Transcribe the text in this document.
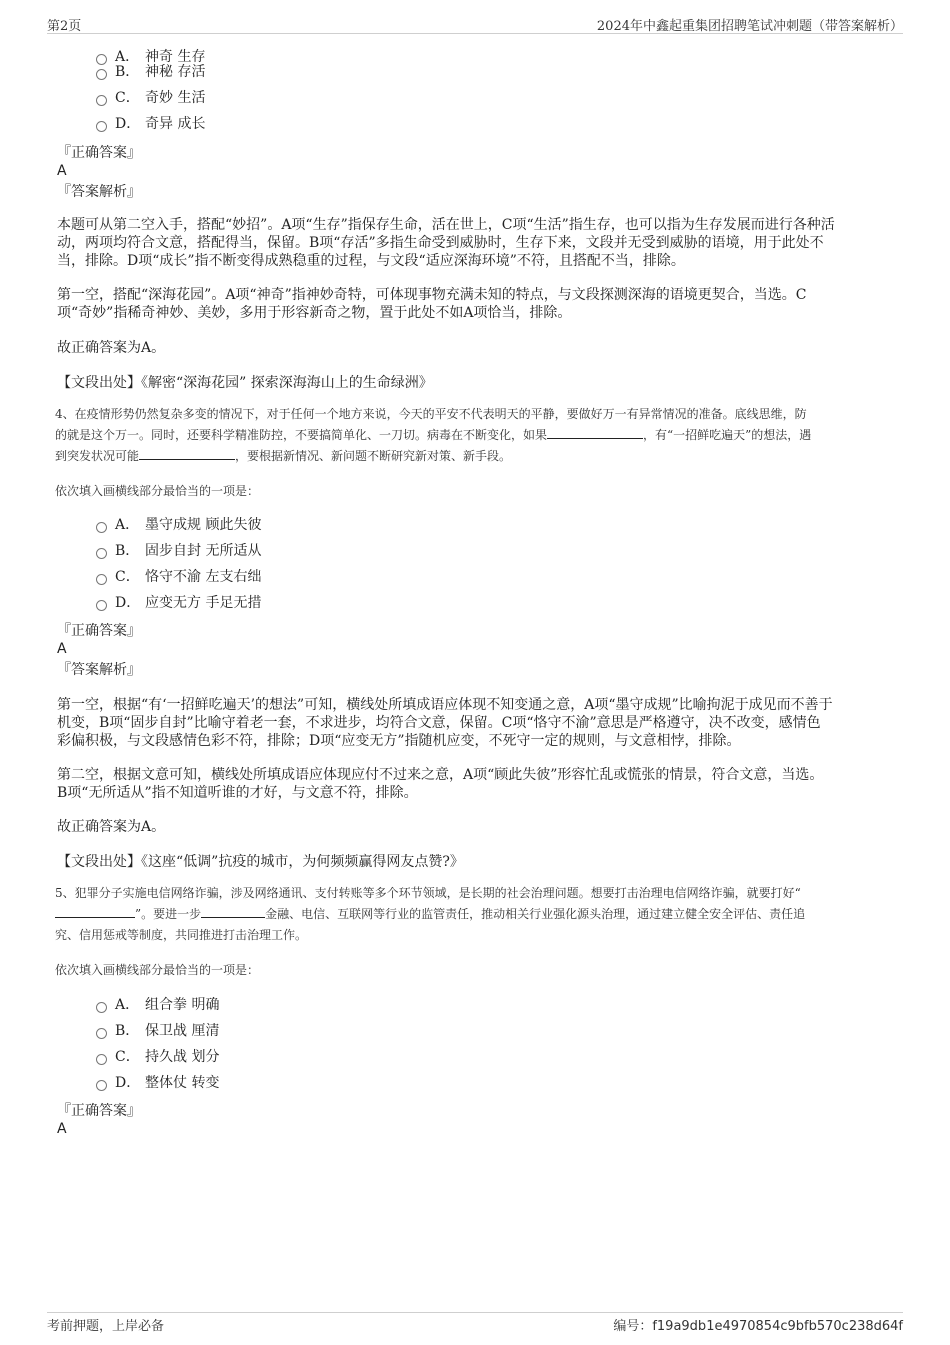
第2页	2024年中鑫起重集团招聘笔试冲刺题（带答案解析）
A． 神奇 生存
B． 神秘 存活
C． 奇妙 生活
D． 奇异 成长
『正确答案』
A
『答案解析』
本题可从第二空入手，搭配“妙招”。A项“生存”指保存生命，活在世上，C项“生活”指生存，也可以指为生存发展而进行各种活
动，两项均符合文意，搭配得当，保留。B项“存活”多指生命受到威胁时，生存下来，文段并无受到威胁的语境，用于此处不
当，排除。D项“成长”指不断变得成熟稳重的过程，与文段“适应深海环境”不符，且搭配不当，排除。
第一空，搭配“深海花园”。A项“神奇”指神妙奇特，可体现事物充满未知的特点，与文段探测深海的语境更契合，当选。C
项“奇妙”指稀奇神妙、美妙，多用于形容新奇之物，置于此处不如A项恰当，排除。
故正确答案为A。
【文段出处】《解密“深海花园” 探索深海海山上的生命绿洲》
4、在疫情形势仍然复杂多变的情况下，对于任何一个地方来说，今天的平安不代表明天的平静，要做好万一有异常情况的准备。底线思维，防
的就是这个万一。同时，还要科学精准防控，不要搞简单化、一刀切。病毒在不断变化，如果	，有“一招鲜吃遍天”的想法，遇
到突发状况可能	，要根据新情况、新问题不断研究新对策、新手段。
依次填入画横线部分最恰当的一项是：
A． 墨守成规 顾此失彼
B． 固步自封 无所适从
C． 恪守不渝 左支右绌
D． 应变无方 手足无措
『正确答案』
A
『答案解析』
第一空，根据“有‘一招鲜吃遍天’的想法”可知，横线处所填成语应体现不知变通之意，A项“墨守成规”比喻拘泥于成见而不善于
机变，B项“固步自封”比喻守着老一套，不求进步，均符合文意，保留。C项“恪守不渝”意思是严格遵守，决不改变，感情色
彩偏积极，与文段感情色彩不符，排除；D项“应变无方”指随机应变，不死守一定的规则，与文意相悖，排除。
第二空，根据文意可知，横线处所填成语应体现应付不过来之意，A项“顾此失彼”形容忙乱或慌张的情景，符合文意，当选。
B项“无所适从”指不知道听谁的才好，与文意不符，排除。
故正确答案为A。
【文段出处】《这座“低调”抗疫的城市，为何频频赢得网友点赞?》
5、犯罪分子实施电信网络诈骗，涉及网络通讯、支付转账等多个环节领域，是长期的社会治理问题。想要打击治理电信网络诈骗，就要打好“
”。要进一步	金融、电信、互联网等行业的监管责任，推动相关行业强化源头治理，通过建立健全安全评估、责任追
究、信用惩戒等制度，共同推进打击治理工作。
依次填入画横线部分最恰当的一项是：
A． 组合拳 明确
B． 保卫战 厘清
C． 持久战 划分
D． 整体仗 转变
『正确答案』
A
考前押题，上岸必备	编号：f19a9db1e4970854c9bfb570c238d64f
